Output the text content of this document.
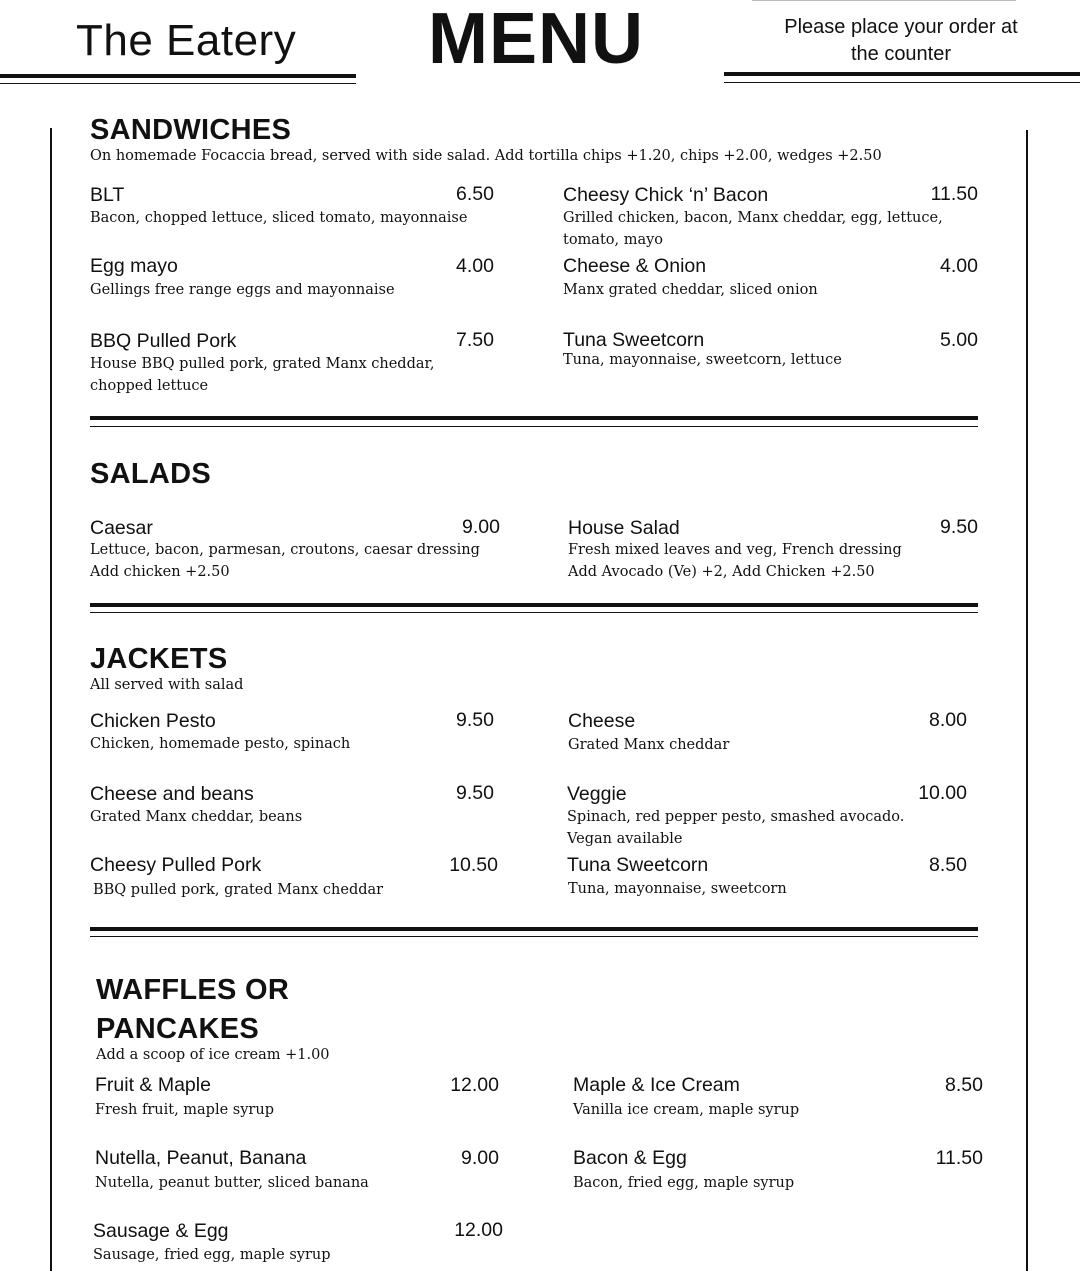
The Eatery MENU	Please place your order at the counter
SANDWICHES
On homemade Focaccia bread, served with side salad. Add tortilla chips +1.20, chips +2.00, wedges +2.50
BLT	6.50
Bacon, chopped lettuce, sliced tomato, mayonnaise
Cheesy Chick ‘n’ Bacon	11.50
Grilled chicken, bacon, Manx cheddar, egg, lettuce, tomato, mayo
Egg mayo	4.00
Gellings free range eggs and mayonnaise
Cheese & Onion	4.00
Manx grated cheddar, sliced onion
BBQ Pulled Pork	7.50
House BBQ pulled pork, grated Manx cheddar, chopped lettuce
Tuna Sweetcorn	5.00
Tuna, mayonnaise, sweetcorn, lettuce
SALADS
Caesar	9.00
Lettuce, bacon, parmesan, croutons, caesar dressing
Add chicken +2.50
House Salad	9.50
Fresh mixed leaves and veg, French dressing
Add Avocado (Ve) +2, Add Chicken +2.50
JACKETS
All served with salad
Chicken Pesto	9.50
Chicken, homemade pesto, spinach
Cheese	8.00
Grated Manx cheddar
Cheese and beans	9.50
Grated Manx cheddar, beans
Veggie	10.00
Spinach, red pepper pesto, smashed avocado. Vegan available
Cheesy Pulled Pork	10.50
BBQ pulled pork, grated Manx cheddar
Tuna Sweetcorn	8.50
Tuna, mayonnaise, sweetcorn
WAFFLES OR
PANCAKES
Add a scoop of ice cream +1.00
Fruit & Maple	12.00
Fresh fruit, maple syrup
Maple & Ice Cream	8.50
Vanilla ice cream, maple syrup
Nutella, Peanut, Banana	9.00
Nutella, peanut butter, sliced banana
Bacon & Egg	11.50
Bacon, fried egg, maple syrup
Sausage & Egg	12.00
Sausage, fried egg, maple syrup
